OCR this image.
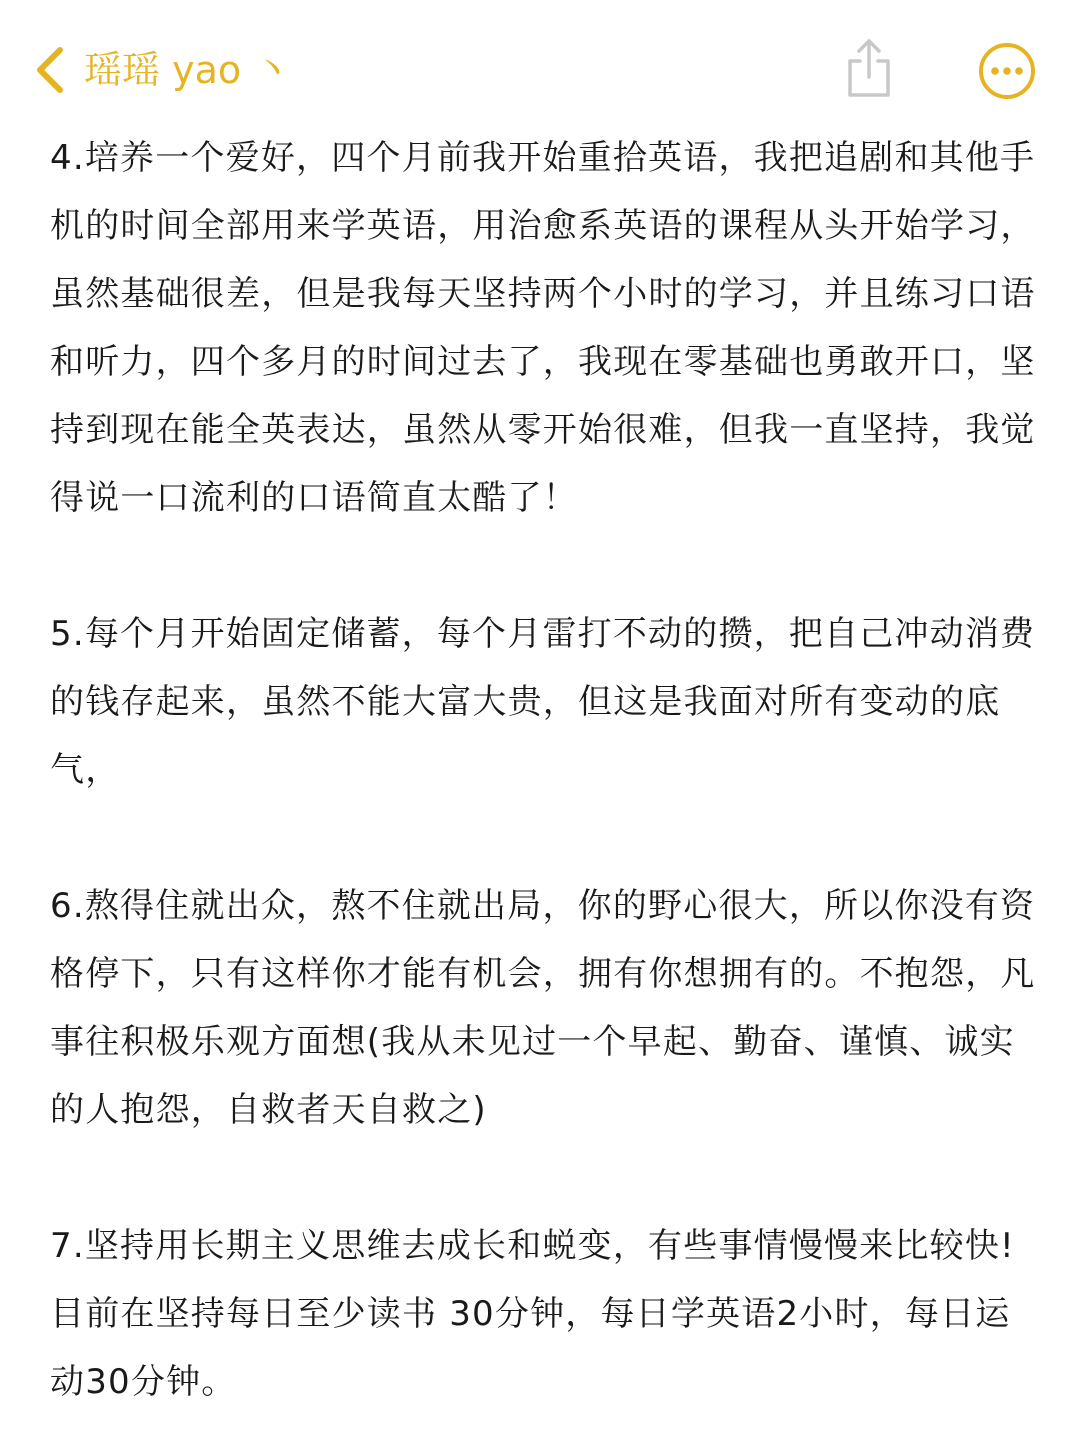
瑶瑶 yao 丶

4.培养一个爱好，四个月前我开始重拾英语，我把追剧和其他手机的时间全部用来学英语，用治愈系英语的课程从头开始学习，虽然基础很差，但是我每天坚持两个小时的学习，并且练习口语和听力，四个多月的时间过去了，我现在零基础也勇敢开口，坚持到现在能全英表达，虽然从零开始很难，但我一直坚持，我觉得说一口流利的口语简直太酷了！

5.每个月开始固定储蓄，每个月雷打不动的攒，把自己冲动消费的钱存起来，虽然不能大富大贵，但这是我面对所有变动的底气，

6.熬得住就出众，熬不住就出局，你的野心很大，所以你没有资格停下，只有这样你才能有机会，拥有你想拥有的。不抱怨，凡事往积极乐观方面想(我从未见过一个早起、勤奋、谨慎、诚实的人抱怨，自救者天自救之)

7.坚持用长期主义思维去成长和蜕变，有些事情慢慢来比较快!目前在坚持每日至少读书 30分钟，每日学英语2小时，每日运动30分钟。
